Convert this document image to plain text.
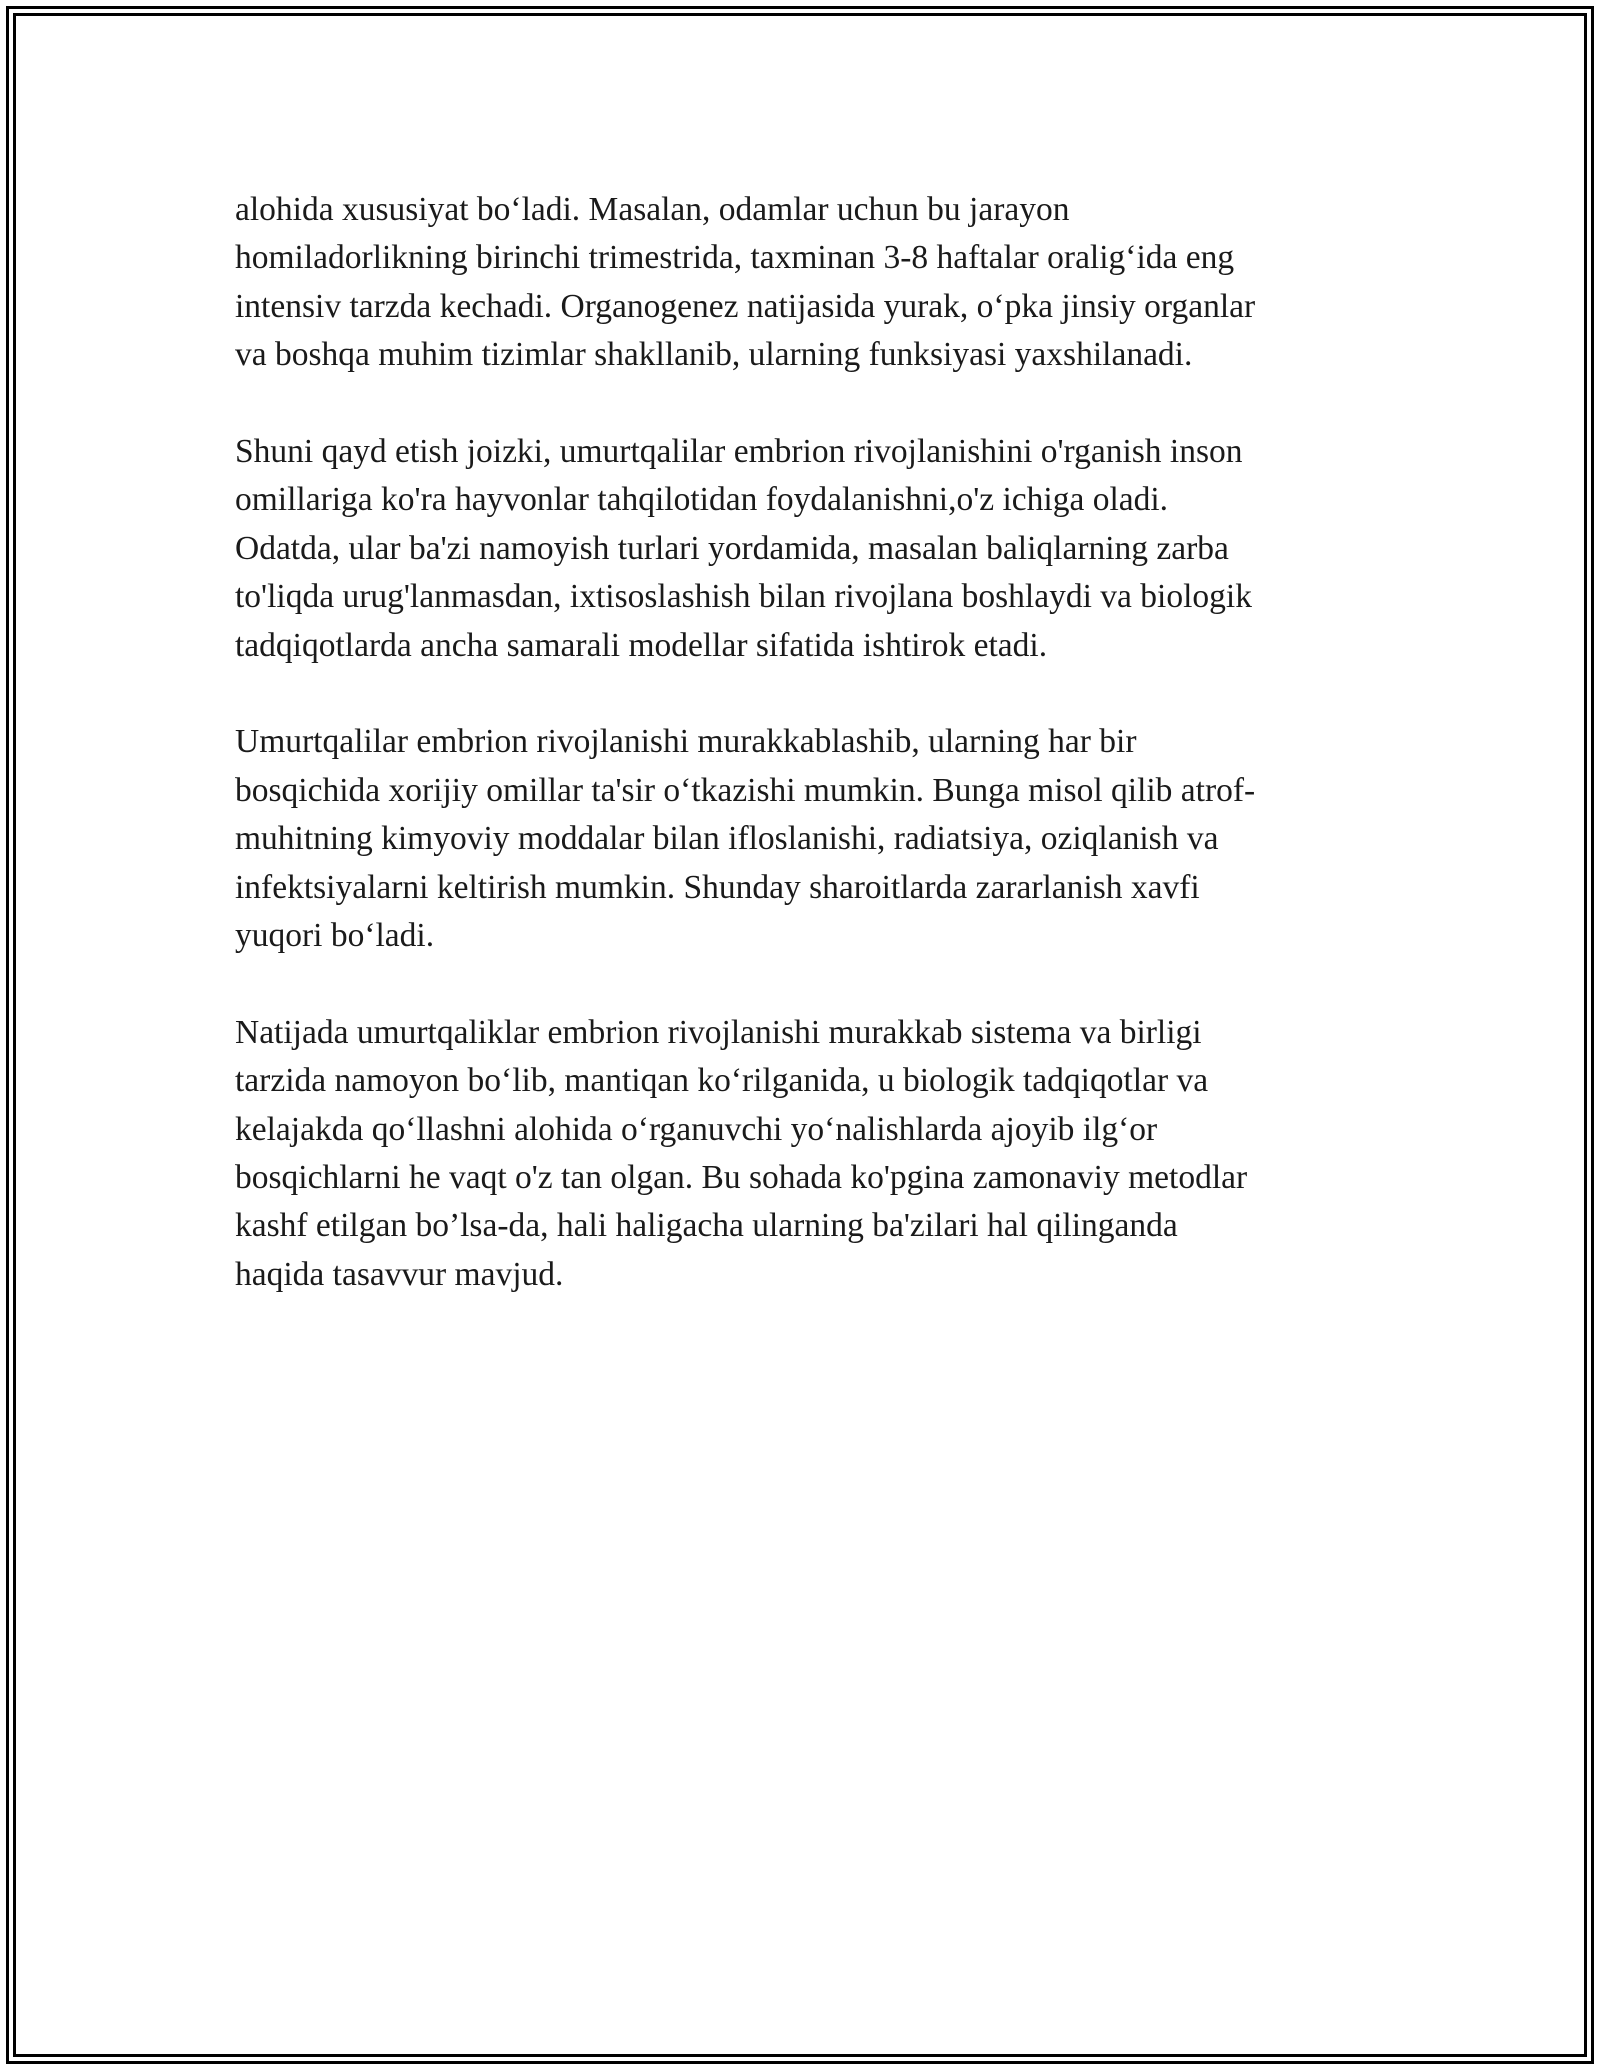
alohida xususiyat bo‘ladi. Masalan, odamlar uchun bu jarayon
homiladorlikning birinchi trimestrida, taxminan 3-8 haftalar oralig‘ida eng
intensiv tarzda kechadi. Organogenez natijasida yurak, o‘pka jinsiy organlar
va boshqa muhim tizimlar shakllanib, ularning funksiyasi yaxshilanadi.

Shuni qayd etish joizki, umurtqalilar embrion rivojlanishini o'rganish inson
omillariga ko'ra hayvonlar tahqilotidan foydalanishni,o'z ichiga oladi.
Odatda, ular ba'zi namoyish turlari yordamida, masalan baliqlarning zarba
to'liqda urug'lanmasdan, ixtisoslashish bilan rivojlana boshlaydi va biologik
tadqiqotlarda ancha samarali modellar sifatida ishtirok etadi.

Umurtqalilar embrion rivojlanishi murakkablashib, ularning har bir
bosqichida xorijiy omillar ta'sir o‘tkazishi mumkin. Bunga misol qilib atrof-
muhitning kimyoviy moddalar bilan ifloslanishi, radiatsiya, oziqlanish va
infektsiyalarni keltirish mumkin. Shunday sharoitlarda zararlanish xavfi
yuqori bo‘ladi.

Natijada umurtqaliklar embrion rivojlanishi murakkab sistema va birligi
tarzida namoyon bo‘lib, mantiqan ko‘rilganida, u biologik tadqiqotlar va
kelajakda qo‘llashni alohida o‘rganuvchi yo‘nalishlarda ajoyib ilg‘or
bosqichlarni he vaqt o'z tan olgan. Bu sohada ko'pgina zamonaviy metodlar
kashf etilgan bo’lsa-da, hali haligacha ularning ba'zilari hal qilinganda
haqida tasavvur mavjud.
